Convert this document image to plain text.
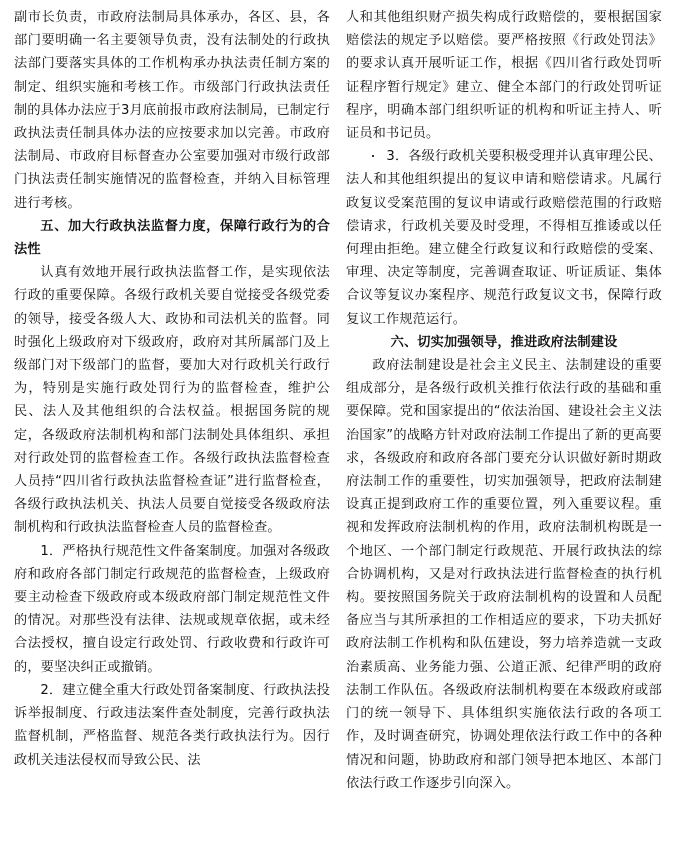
副市长负责，市政府法制局具体承办，各区、县，各部门要明确一名主要领导负责，没有法制处的行政执法部门要落实具体的工作机构承办执法责任制方案的制定、组织实施和考核工作。市级部门行政执法责任制的具体办法应于3月底前报市政府法制局，已制定行政执法责任制具体办法的应按要求加以完善。市政府法制局、市政府目标督查办公室要加强对市级行政部门执法责任制实施情况的监督检查，并纳入目标管理进行考核。

五、加大行政执法监督力度，保障行政行为的合法性

认真有效地开展行政执法监督工作，是实现依法行政的重要保障。各级行政机关要自觉接受各级党委的领导，接受各级人大、政协和司法机关的监督。同时强化上级政府对下级政府，政府对其所属部门及上级部门对下级部门的监督，要加大对行政机关行政行为，特别是实施行政处罚行为的监督检查，维护公民、法人及其他组织的合法权益。根据国务院的规定，各级政府法制机构和部门法制处具体组织、承担对行政处罚的监督检查工作。各级行政执法监督检查人员持“四川省行政执法监督检查证”进行监督检查，各级行政执法机关、执法人员要自觉接受各级政府法制机构和行政执法监督检查人员的监督检查。

1．严格执行规范性文件备案制度。加强对各级政府和政府各部门制定行政规范的监督检查，上级政府要主动检查下级政府或本级政府部门制定规范性文件的情况。对那些没有法律、法规或规章依据，或未经合法授权，擅自设定行政处罚、行政收费和行政许可的，要坚决纠正或撤销。

2．建立健全重大行政处罚备案制度、行政执法投诉举报制度、行政违法案件查处制度，完善行政执法监督机制，严格监督、规范各类行政执法行为。因行政机关违法侵权而导致公民、法

人和其他组织财产损失构成行政赔偿的，要根据国家赔偿法的规定予以赔偿。要严格按照《行政处罚法》的要求认真开展听证工作，根据《四川省行政处罚听证程序暂行规定》建立、健全本部门的行政处罚听证程序，明确本部门组织听证的机构和听证主持人、听证员和书记员。

3．各级行政机关要积极受理并认真审理公民、法人和其他组织提出的复议申请和赔偿请求。凡属行政复议受案范围的复议申请或行政赔偿范围的行政赔偿请求，行政机关要及时受理，不得相互推诿或以任何理由拒绝。建立健全行政复议和行政赔偿的受案、审理、决定等制度，完善调查取证、听证质证、集体合议等复议办案程序、规范行政复议文书，保障行政复议工作规范运行。

六、切实加强领导，推进政府法制建设

政府法制建设是社会主义民主、法制建设的重要组成部分，是各级行政机关推行依法行政的基础和重要保障。党和国家提出的“依法治国、建设社会主义法治国家”的战略方针对政府法制工作提出了新的更高要求，各级政府和政府各部门要充分认识做好新时期政府法制工作的重要性，切实加强领导，把政府法制建设真正提到政府工作的重要位置，列入重要议程。重视和发挥政府法制机构的作用，政府法制机构既是一个地区、一个部门制定行政规范、开展行政执法的综合协调机构，又是对行政执法进行监督检查的执行机构。要按照国务院关于政府法制机构的设置和人员配备应当与其所承担的工作相适应的要求，下功夫抓好政府法制工作机构和队伍建设，努力培养造就一支政治素质高、业务能力强、公道正派、纪律严明的政府法制工作队伍。各级政府法制机构要在本级政府或部门的统一领导下、具体组织实施依法行政的各项工作，及时调查研究，协调处理依法行政工作中的各种情况和问题，协助政府和部门领导把本地区、本部门依法行政工作逐步引向深入。
